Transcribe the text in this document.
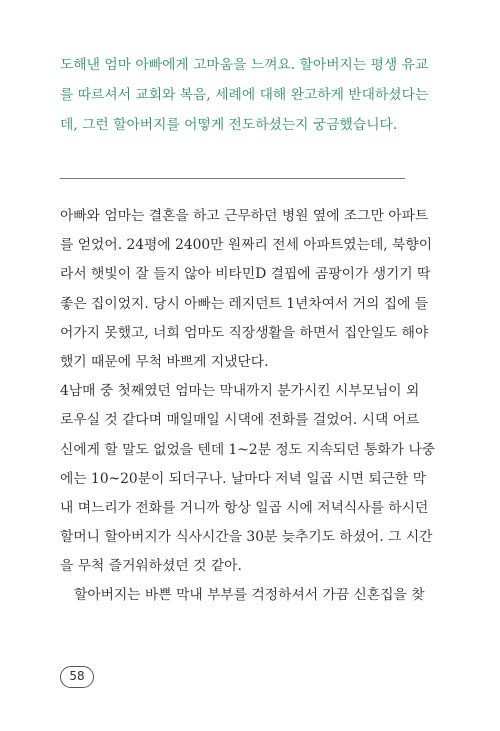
도해낸 엄마 아빠에게 고마움을 느껴요. 할아버지는 평생 유교
를 따르셔서 교회와 복음, 세례에 대해 완고하게 반대하셨다는
데, 그런 할아버지를 어떻게 전도하셨는지 궁금했습니다.
아빠와 엄마는 결혼을 하고 근무하던 병원 옆에 조그만 아파트
를 얻었어. 24평에 2400만 원짜리 전세 아파트였는데, 북향이
라서 햇빛이 잘 들지 않아 비타민D 결핍에 곰팡이가 생기기 딱
좋은 집이었지. 당시 아빠는 레지던트 1년차여서 거의 집에 들
어가지 못했고, 너희 엄마도 직장생활을 하면서 집안일도 해야
했기 때문에 무척 바쁘게 지냈단다.
4남매 중 첫째였던 엄마는 막내까지 분가시킨 시부모님이 외
로우실 것 같다며 매일매일 시댁에 전화를 걸었어. 시댁 어르
신에게 할 말도 없었을 텐데 1~2분 정도 지속되던 통화가 나중
에는 10~20분이 되더구나. 날마다 저녁 일곱 시면 퇴근한 막
내 며느리가 전화를 거니까 항상 일곱 시에 저녁식사를 하시던
할머니 할아버지가 식사시간을 30분 늦추기도 하셨어. 그 시간
을 무척 즐거워하셨던 것 같아.
할아버지는 바쁜 막내 부부를 걱정하셔서 가끔 신혼집을 찾
58
